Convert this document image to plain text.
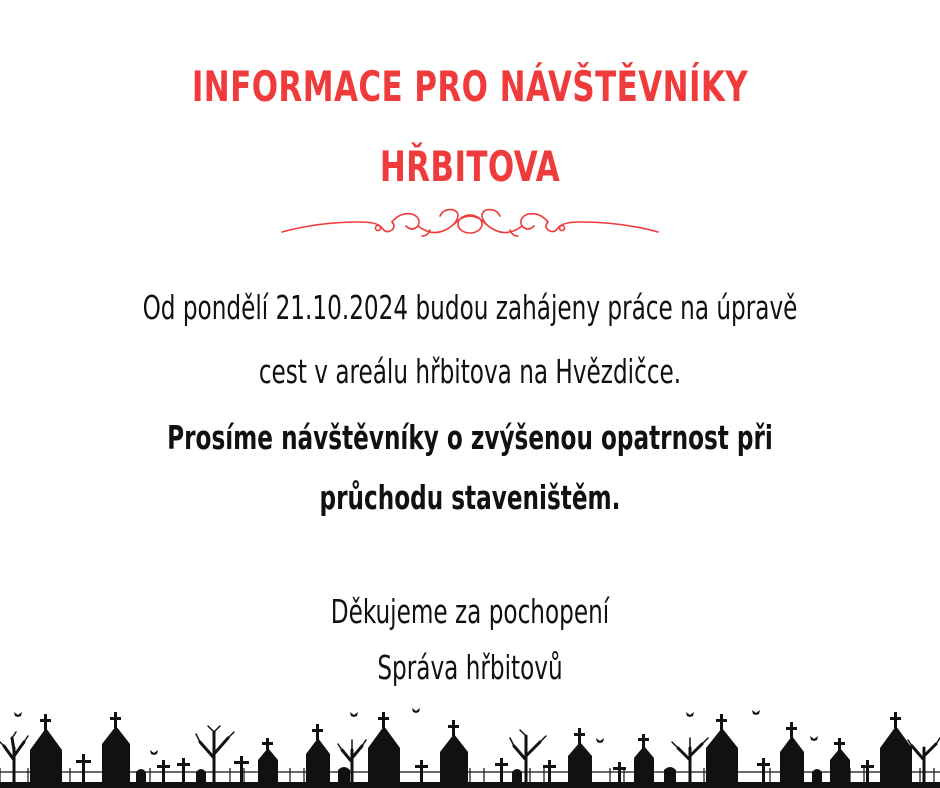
INFORMACE PRO NÁVŠTĚVNÍKY
HŘBITOVA
Od pondělí 21.10.2024 budou zahájeny práce na úpravě
cest v areálu hřbitova na Hvězdičce.
Prosíme návštěvníky o zvýšenou opatrnost při
průchodu staveništěm.
Děkujeme za pochopení
Správa hřbitovů
